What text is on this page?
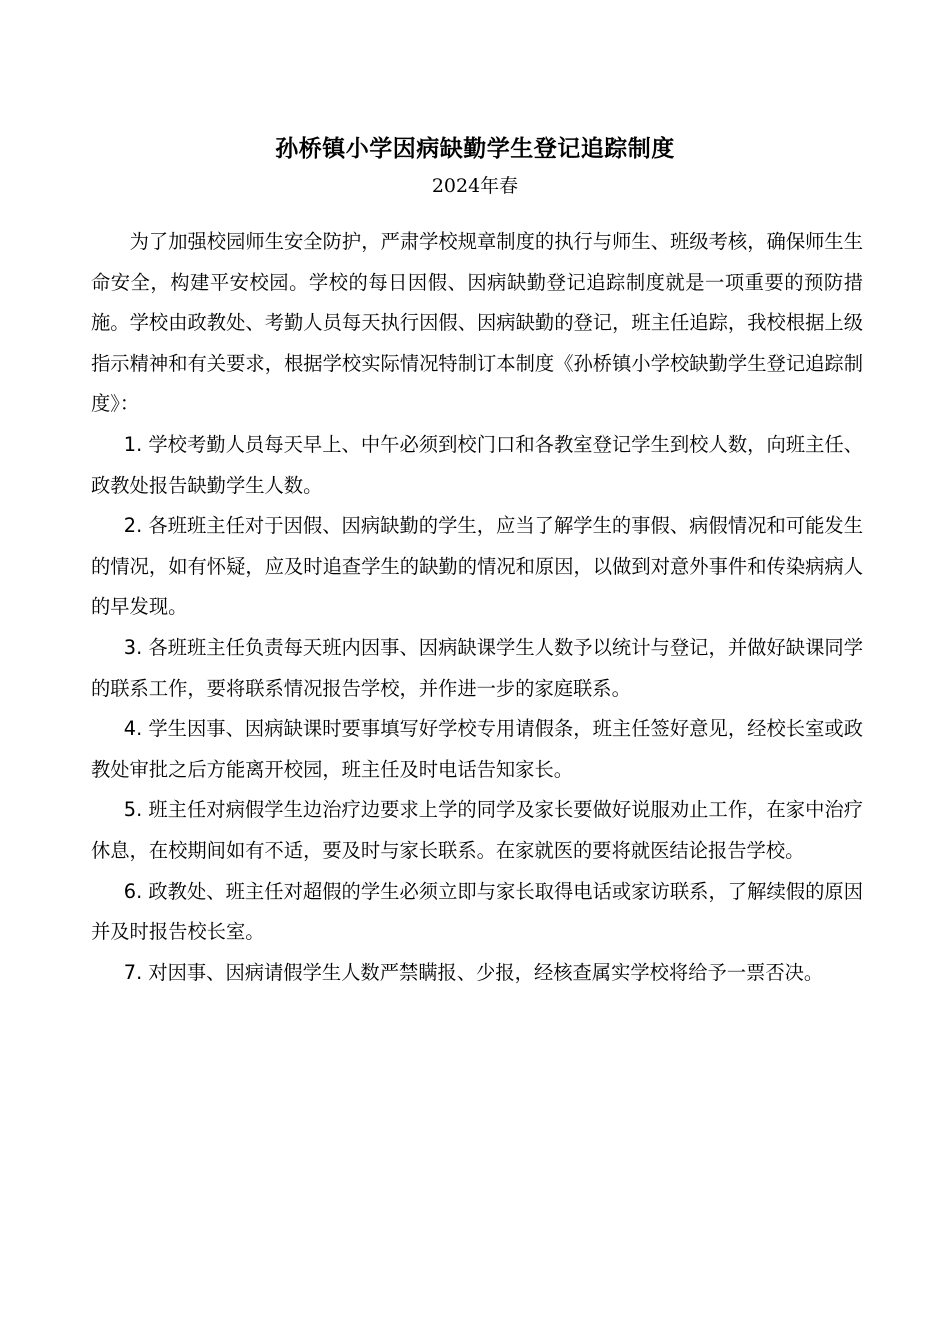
孙桥镇小学因病缺勤学生登记追踪制度
2024年春

为了加强校园师生安全防护，严肃学校规章制度的执行与师生、班级考核，确保师生生命安全，构建平安校园。学校的每日因假、因病缺勤登记追踪制度就是一项重要的预防措施。学校由政教处、考勤人员每天执行因假、因病缺勤的登记，班主任追踪，我校根据上级指示精神和有关要求，根据学校实际情况特制订本制度《孙桥镇小学校缺勤学生登记追踪制度》：

1. 学校考勤人员每天早上、中午必须到校门口和各教室登记学生到校人数，向班主任、政教处报告缺勤学生人数。

2. 各班班主任对于因假、因病缺勤的学生，应当了解学生的事假、病假情况和可能发生的情况，如有怀疑，应及时追查学生的缺勤的情况和原因，以做到对意外事件和传染病病人的早发现。

3. 各班班主任负责每天班内因事、因病缺课学生人数予以统计与登记，并做好缺课同学的联系工作，要将联系情况报告学校，并作进一步的家庭联系。

4. 学生因事、因病缺课时要事填写好学校专用请假条，班主任签好意见，经校长室或政教处审批之后方能离开校园，班主任及时电话告知家长。

5. 班主任对病假学生边治疗边要求上学的同学及家长要做好说服劝止工作，在家中治疗休息，在校期间如有不适，要及时与家长联系。在家就医的要将就医结论报告学校。

6. 政教处、班主任对超假的学生必须立即与家长取得电话或家访联系，了解续假的原因并及时报告校长室。

7. 对因事、因病请假学生人数严禁瞒报、少报，经核查属实学校将给予一票否决。
